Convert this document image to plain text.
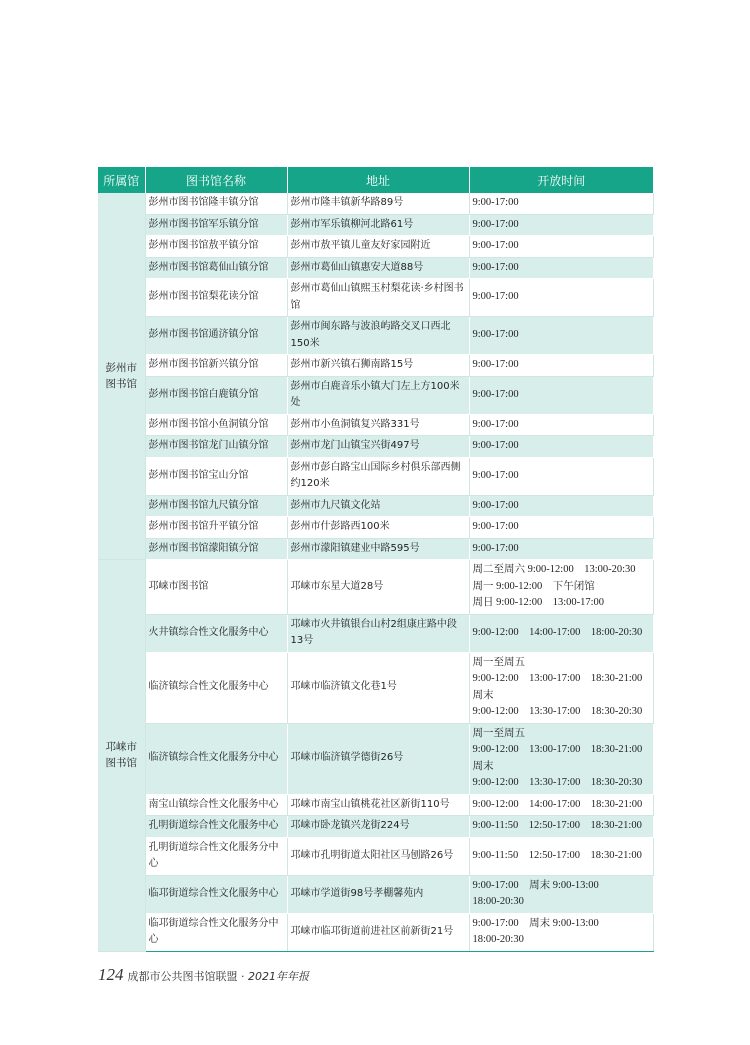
所属馆	图书馆名称	地址	开放时间
彭州市
图书馆	彭州市图书馆隆丰镇分馆	彭州市隆丰镇新华路89号	9:00-17:00

	彭州市图书馆军乐镇分馆	彭州市军乐镇柳河北路61号	9:00-17:00

	彭州市图书馆敖平镇分馆	彭州市敖平镇儿童友好家园附近	9:00-17:00

	彭州市图书馆葛仙山镇分馆	彭州市葛仙山镇惠安大道88号	9:00-17:00

	彭州市图书馆梨花读分馆	彭州市葛仙山镇熙玉村梨花读·乡村图书馆	9:00-17:00

	彭州市图书馆通济镇分馆	彭州市闽东路与波浪屿路交叉口西北150米	9:00-17:00

	彭州市图书馆新兴镇分馆	彭州市新兴镇石狮南路15号	9:00-17:00

	彭州市图书馆白鹿镇分馆	彭州市白鹿音乐小镇大门左上方100米处	9:00-17:00

	彭州市图书馆小鱼洞镇分馆	彭州市小鱼洞镇复兴路331号	9:00-17:00

	彭州市图书馆龙门山镇分馆	彭州市龙门山镇宝兴街497号	9:00-17:00

	彭州市图书馆宝山分馆	彭州市彭白路宝山国际乡村俱乐部西侧约120米	9:00-17:00

	彭州市图书馆九尺镇分馆	彭州市九尺镇文化站	9:00-17:00

	彭州市图书馆升平镇分馆	彭州市什彭路西100米	9:00-17:00

	彭州市图书馆濛阳镇分馆	彭州市濛阳镇建业中路595号	9:00-17:00

邛崃市
图书馆	邛崃市图书馆	邛崃市东星大道28号	周二至周六 9:00-12:00　13:00-20:30
周一 9:00-12:00　下午闭馆
周日 9:00-12:00　13:00-17:00

	火井镇综合性文化服务中心	邛崃市火井镇银台山村2组康庄路中段13号	9:00-12:00　14:00-17:00　18:00-20:30

	临济镇综合性文化服务中心	邛崃市临济镇文化巷1号	周一至周五
9:00-12:00　13:00-17:00　18:30-21:00
周末
9:00-12:00　13:30-17:00　18:30-20:30

	临济镇综合性文化服务分中心	邛崃市临济镇学德街26号	周一至周五
9:00-12:00　13:00-17:00　18:30-21:00
周末
9:00-12:00　13:30-17:00　18:30-20:30

	南宝山镇综合性文化服务中心	邛崃市南宝山镇桃花社区新街110号	9:00-12:00　14:00-17:00　18:30-21:00

	孔明街道综合性文化服务中心	邛崃市卧龙镇兴龙街224号	9:00-11:50　12:50-17:00　18:30-21:00

	孔明街道综合性文化服务分中心	邛崃市孔明街道太阳社区马刨路26号	9:00-11:50　12:50-17:00　18:30-21:00

	临邛街道综合性文化服务中心	邛崃市学道街98号孝棚馨苑内	9:00-17:00　周末 9:00-13:00
18:00-20:30

	临邛街道综合性文化服务分中心	邛崃市临邛街道前进社区前新街21号	9:00-17:00　周末 9:00-13:00
18:00-20:30
124 成都市公共图书馆联盟 · 2021年年报
